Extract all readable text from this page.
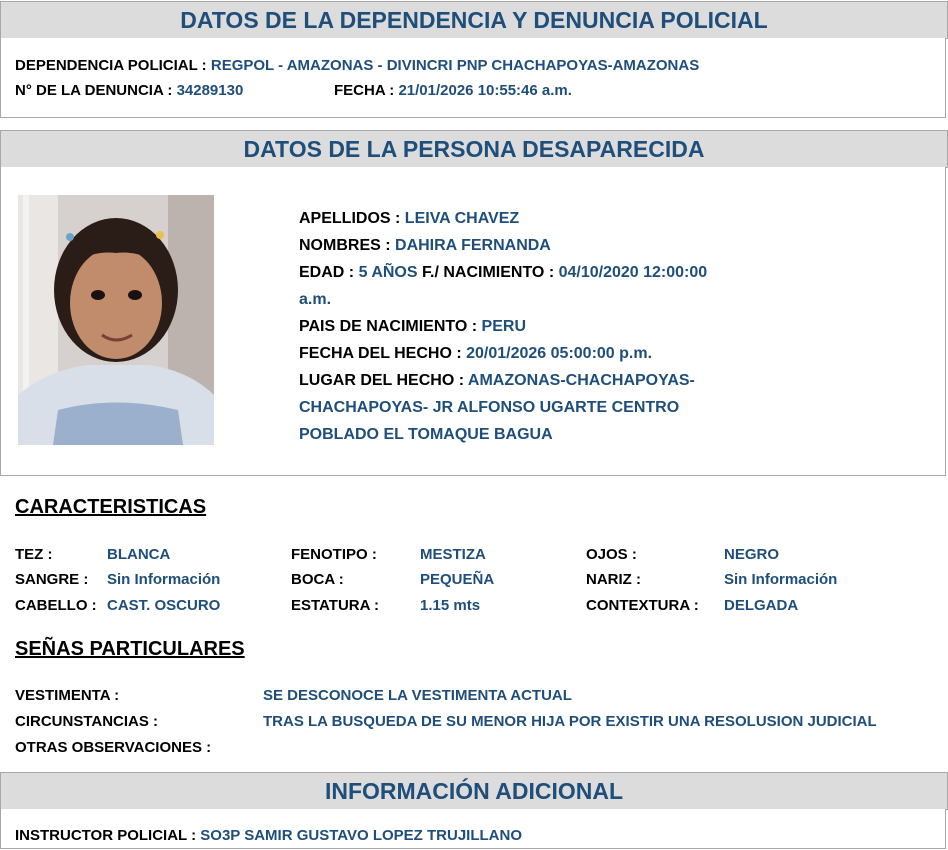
DATOS DE LA DEPENDENCIA Y DENUNCIA POLICIAL
DEPENDENCIA POLICIAL : REGPOL - AMAZONAS - DIVINCRI PNP CHACHAPOYAS-AMAZONAS
N° DE LA DENUNCIA : 34289130	FECHA : 21/01/2026 10:55:46 a.m.
DATOS DE LA PERSONA DESAPARECIDA
APELLIDOS : LEIVA CHAVEZ
NOMBRES : DAHIRA FERNANDA
EDAD : 5 AÑOS F./ NACIMIENTO : 04/10/2020 12:00:00
a.m.
PAIS DE NACIMIENTO : PERU
FECHA DEL HECHO : 20/01/2026 05:00:00 p.m.
LUGAR DEL HECHO : AMAZONAS-CHACHAPOYAS-
CHACHAPOYAS- JR ALFONSO UGARTE CENTRO
POBLADO EL TOMAQUE BAGUA
CARACTERISTICAS
TEZ :	BLANCA	FENOTIPO :	MESTIZA	OJOS :	NEGRO
SANGRE : Sin Información	BOCA :	PEQUEÑA	NARIZ :	Sin Información
CABELLO : CAST. OSCURO	ESTATURA :	1.15 mts	CONTEXTURA : DELGADA
SEÑAS PARTICULARES
VESTIMENTA :	SE DESCONOCE LA VESTIMENTA ACTUAL
CIRCUNSTANCIAS :	TRAS LA BUSQUEDA DE SU MENOR HIJA POR EXISTIR UNA RESOLUSION JUDICIAL
OTRAS OBSERVACIONES :
INFORMACIÓN ADICIONAL
INSTRUCTOR POLICIAL : SO3P SAMIR GUSTAVO LOPEZ TRUJILLANO
